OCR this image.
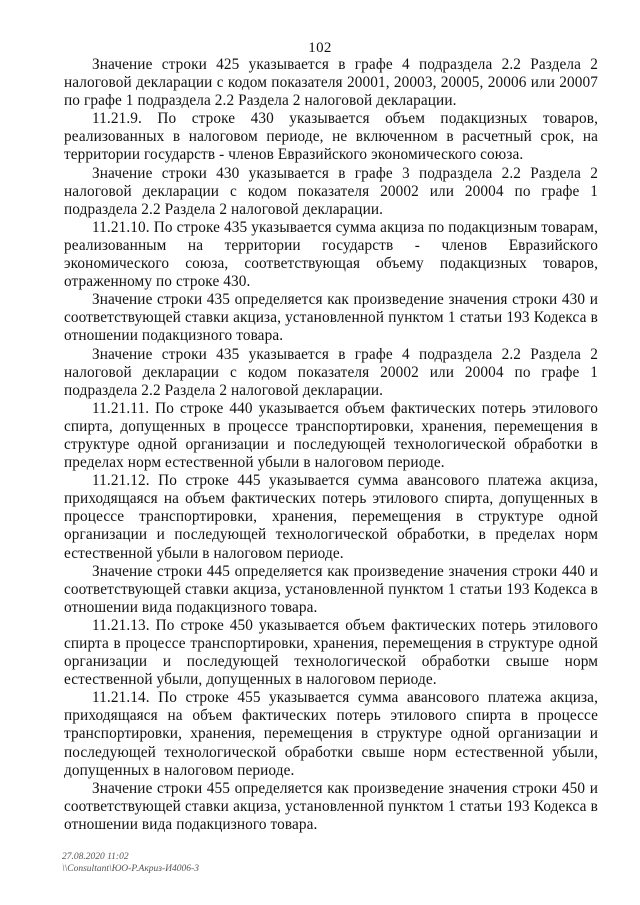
102

Значение строки 425 указывается в графе 4 подраздела 2.2 Раздела 2 налоговой декларации с кодом показателя 20001, 20003, 20005, 20006 или 20007 по графе 1 подраздела 2.2 Раздела 2 налоговой декларации.

11.21.9. По строке 430 указывается объем подакцизных товаров, реализованных в налоговом периоде, не включенном в расчетный срок, на территории государств - членов Евразийского экономического союза.

Значение строки 430 указывается в графе 3 подраздела 2.2 Раздела 2 налоговой декларации с кодом показателя 20002 или 20004 по графе 1 подраздела 2.2 Раздела 2 налоговой декларации.

11.21.10. По строке 435 указывается сумма акциза по подакцизным товарам, реализованным на территории государств - членов Евразийского экономического союза, соответствующая объему подакцизных товаров, отраженному по строке 430.

Значение строки 435 определяется как произведение значения строки 430 и соответствующей ставки акциза, установленной пунктом 1 статьи 193 Кодекса в отношении подакцизного товара.

Значение строки 435 указывается в графе 4 подраздела 2.2 Раздела 2 налоговой декларации с кодом показателя 20002 или 20004 по графе 1 подраздела 2.2 Раздела 2 налоговой декларации.

11.21.11. По строке 440 указывается объем фактических потерь этилового спирта, допущенных в процессе транспортировки, хранения, перемещения в структуре одной организации и последующей технологической обработки в пределах норм естественной убыли в налоговом периоде.

11.21.12. По строке 445 указывается сумма авансового платежа акциза, приходящаяся на объем фактических потерь этилового спирта, допущенных в процессе транспортировки, хранения, перемещения в структуре одной организации и последующей технологической обработки, в пределах норм естественной убыли в налоговом периоде.

Значение строки 445 определяется как произведение значения строки 440 и соответствующей ставки акциза, установленной пунктом 1 статьи 193 Кодекса в отношении вида подакцизного товара.

11.21.13. По строке 450 указывается объем фактических потерь этилового спирта в процессе транспортировки, хранения, перемещения в структуре одной организации и последующей технологической обработки свыше норм естественной убыли, допущенных в налоговом периоде.

11.21.14. По строке 455 указывается сумма авансового платежа акциза, приходящаяся на объем фактических потерь этилового спирта в процессе транспортировки, хранения, перемещения в структуре одной организации и последующей технологической обработки свыше норм естественной убыли, допущенных в налоговом периоде.

Значение строки 455 определяется как произведение значения строки 450 и соответствующей ставки акциза, установленной пунктом 1 статьи 193 Кодекса в отношении вида подакцизного товара.

27.08.2020 11:02
\\Consultant\ЮО-Р.Акриз-И4006-3
